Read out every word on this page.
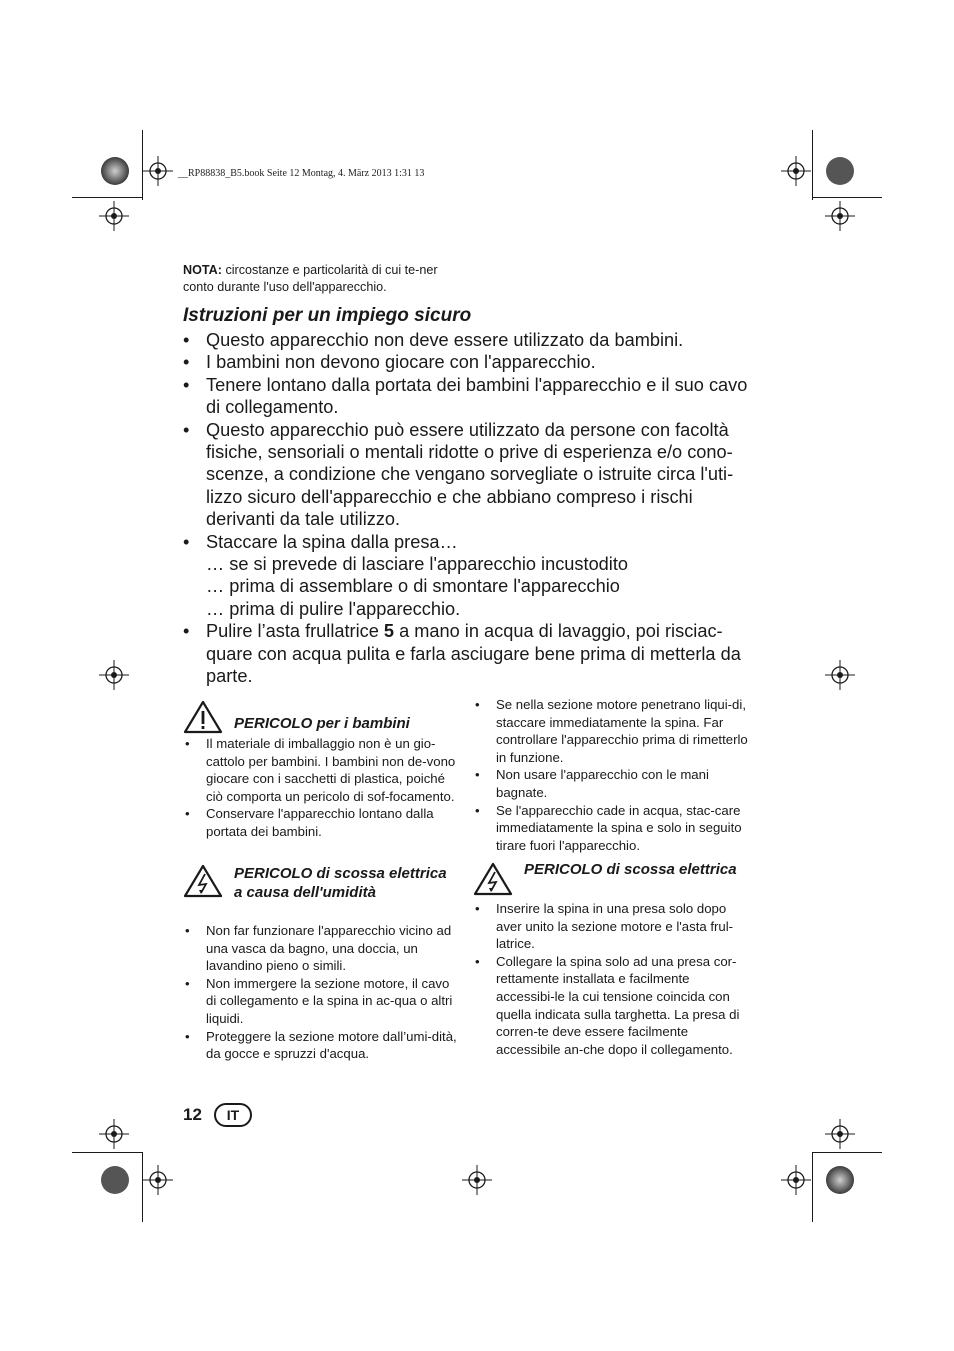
__RP88838_B5.book Seite 12 Montag, 4. März 2013 1:31 13
NOTA: circostanze e particolarità di cui te-ner conto durante l'uso dell'apparecchio.
Istruzioni per un impiego sicuro
• Questo apparecchio non deve essere utilizzato da bambini.
• I bambini non devono giocare con l'apparecchio.
• Tenere lontano dalla portata dei bambini l'apparecchio e il suo cavo di collegamento.
• Questo apparecchio può essere utilizzato da persone con facoltà fisiche, sensoriali o mentali ridotte o prive di esperienza e/o cono-scenze, a condizione che vengano sorvegliate o istruite circa l'uti-lizzo sicuro dell'apparecchio e che abbiano compreso i rischi derivanti da tale utilizzo.
• Staccare la spina dalla presa…
… se si prevede di lasciare l'apparecchio incustodito
… prima di assemblare o di smontare l'apparecchio
… prima di pulire l'apparecchio.
• Pulire l’asta frullatrice 5 a mano in acqua di lavaggio, poi risciac-quare con acqua pulita e farla asciugare bene prima di metterla da parte.
PERICOLO per i bambini
• Il materiale di imballaggio non è un gio-cattolo per bambini. I bambini non de-vono giocare con i sacchetti di plastica, poiché ciò comporta un pericolo di sof-focamento.
• Conservare l'apparecchio lontano dalla portata dei bambini.
PERICOLO di scossa elettrica a causa dell'umidità
• Non far funzionare l'apparecchio vicino ad una vasca da bagno, una doccia, un lavandino pieno o simili.
• Non immergere la sezione motore, il cavo di collegamento e la spina in ac-qua o altri liquidi.
• Proteggere la sezione motore dall’umi-dità, da gocce e spruzzi d'acqua.
• Se nella sezione motore penetrano liqui-di, staccare immediatamente la spina. Far controllare l'apparecchio prima di rimetterlo in funzione.
• Non usare l'apparecchio con le mani bagnate.
• Se l'apparecchio cade in acqua, stac-care immediatamente la spina e solo in seguito tirare fuori l'apparecchio.
PERICOLO di scossa elettrica
• Inserire la spina in una presa solo dopo aver unito la sezione motore e l'asta frul-latrice.
• Collegare la spina solo ad una presa cor-rettamente installata e facilmente accessibi-le la cui tensione coincida con quella indicata sulla targhetta. La presa di corren-te deve essere facilmente accessibile an-che dopo il collegamento.
12	IT
